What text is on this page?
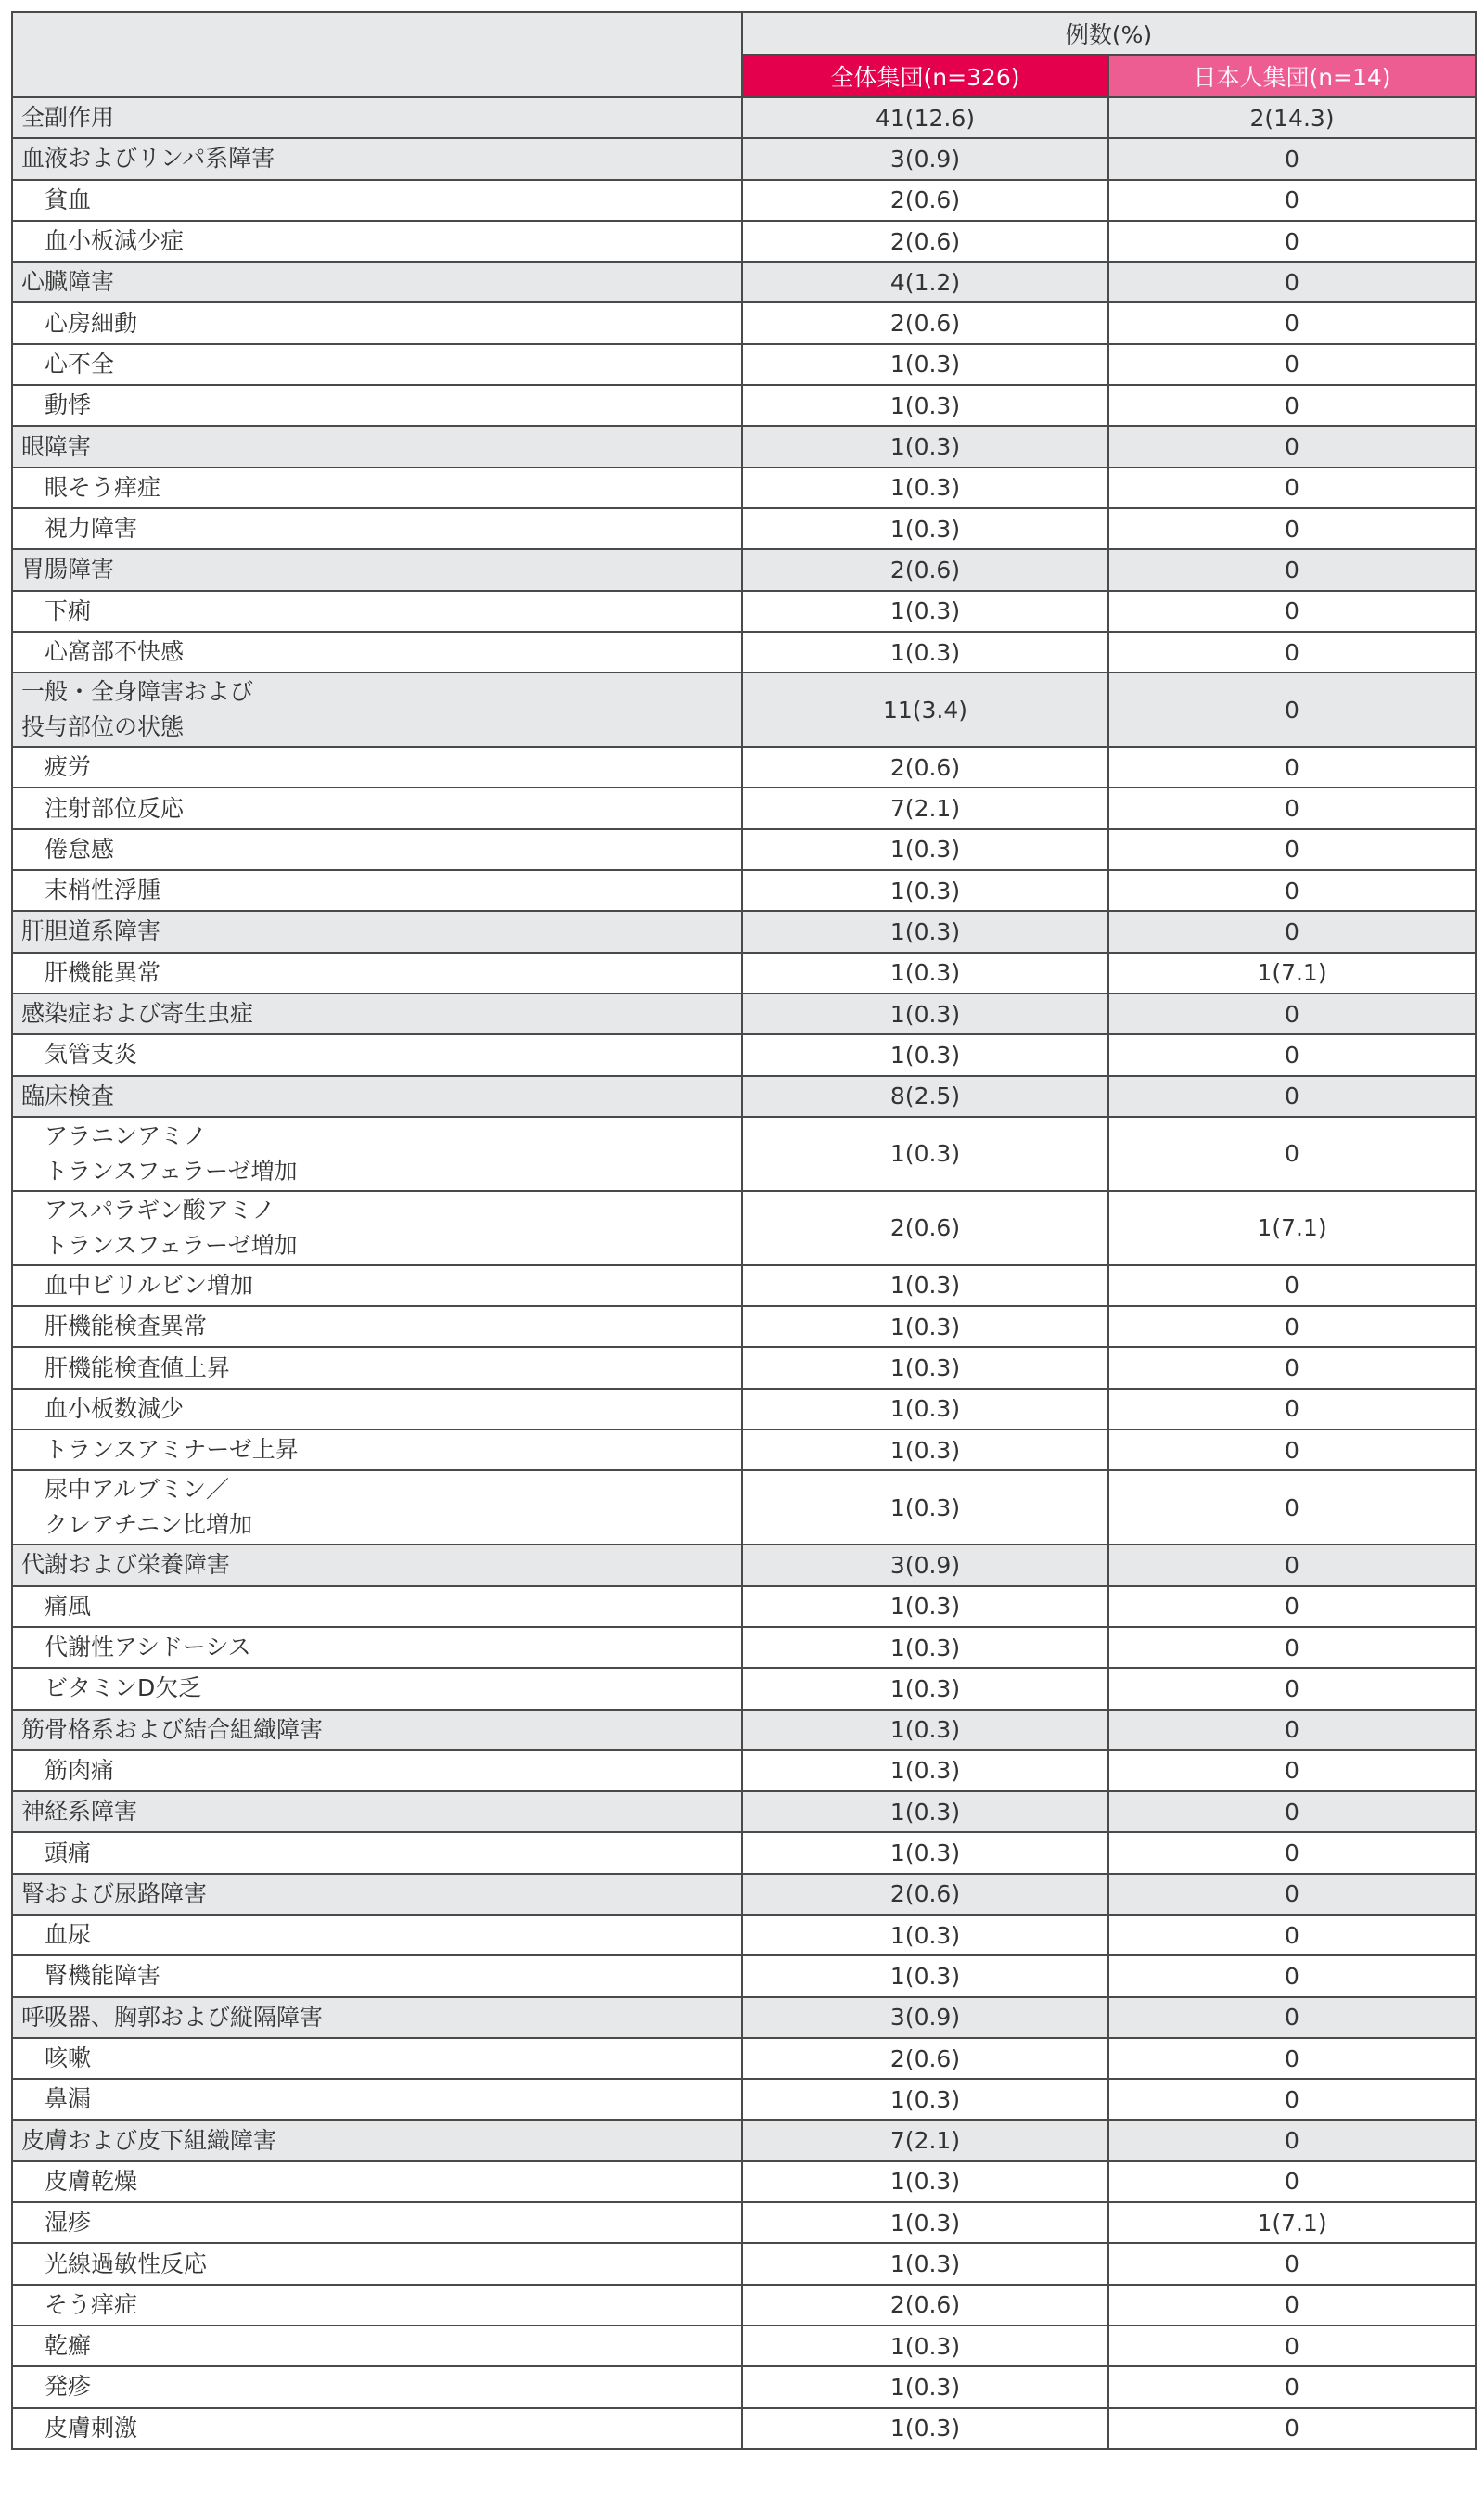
	例数(%)	
	全体集団(n=326)	日本人集団(n=14)

全副作用	41(12.6)	2(14.3)

血液およびリンパ系障害	3(0.9)	0

貧血	2(0.6)	0

血小板減少症	2(0.6)	0

心臓障害	4(1.2)	0

心房細動	2(0.6)	0

心不全	1(0.3)	0

動悸	1(0.3)	0

眼障害	1(0.3)	0

眼そう痒症	1(0.3)	0

視力障害	1(0.3)	0

胃腸障害	2(0.6)	0

下痢	1(0.3)	0

心窩部不快感	1(0.3)	0

一般・全身障害および
投与部位の状態	11(3.4)	0

疲労	2(0.6)	0

注射部位反応	7(2.1)	0

倦怠感	1(0.3)	0

末梢性浮腫	1(0.3)	0

肝胆道系障害	1(0.3)	0

肝機能異常	1(0.3)	1(7.1)

感染症および寄生虫症	1(0.3)	0

気管支炎	1(0.3)	0

臨床検査	8(2.5)	0

アラニンアミノ
トランスフェラーゼ増加	1(0.3)	0

アスパラギン酸アミノ
トランスフェラーゼ増加	2(0.6)	1(7.1)

血中ビリルビン増加	1(0.3)	0

肝機能検査異常	1(0.3)	0

肝機能検査値上昇	1(0.3)	0

血小板数減少	1(0.3)	0

トランスアミナーゼ上昇	1(0.3)	0

尿中アルブミン／
クレアチニン比増加	1(0.3)	0

代謝および栄養障害	3(0.9)	0

痛風	1(0.3)	0

代謝性アシドーシス	1(0.3)	0

ビタミンD欠乏	1(0.3)	0

筋骨格系および結合組織障害	1(0.3)	0

筋肉痛	1(0.3)	0

神経系障害	1(0.3)	0

頭痛	1(0.3)	0

腎および尿路障害	2(0.6)	0

血尿	1(0.3)	0

腎機能障害	1(0.3)	0

呼吸器、胸郭および縦隔障害	3(0.9)	0

咳嗽	2(0.6)	0

鼻漏	1(0.3)	0

皮膚および皮下組織障害	7(2.1)	0

皮膚乾燥	1(0.3)	0

湿疹	1(0.3)	1(7.1)

光線過敏性反応	1(0.3)	0

そう痒症	2(0.6)	0

乾癬	1(0.3)	0

発疹	1(0.3)	0

皮膚刺激	1(0.3)	0
